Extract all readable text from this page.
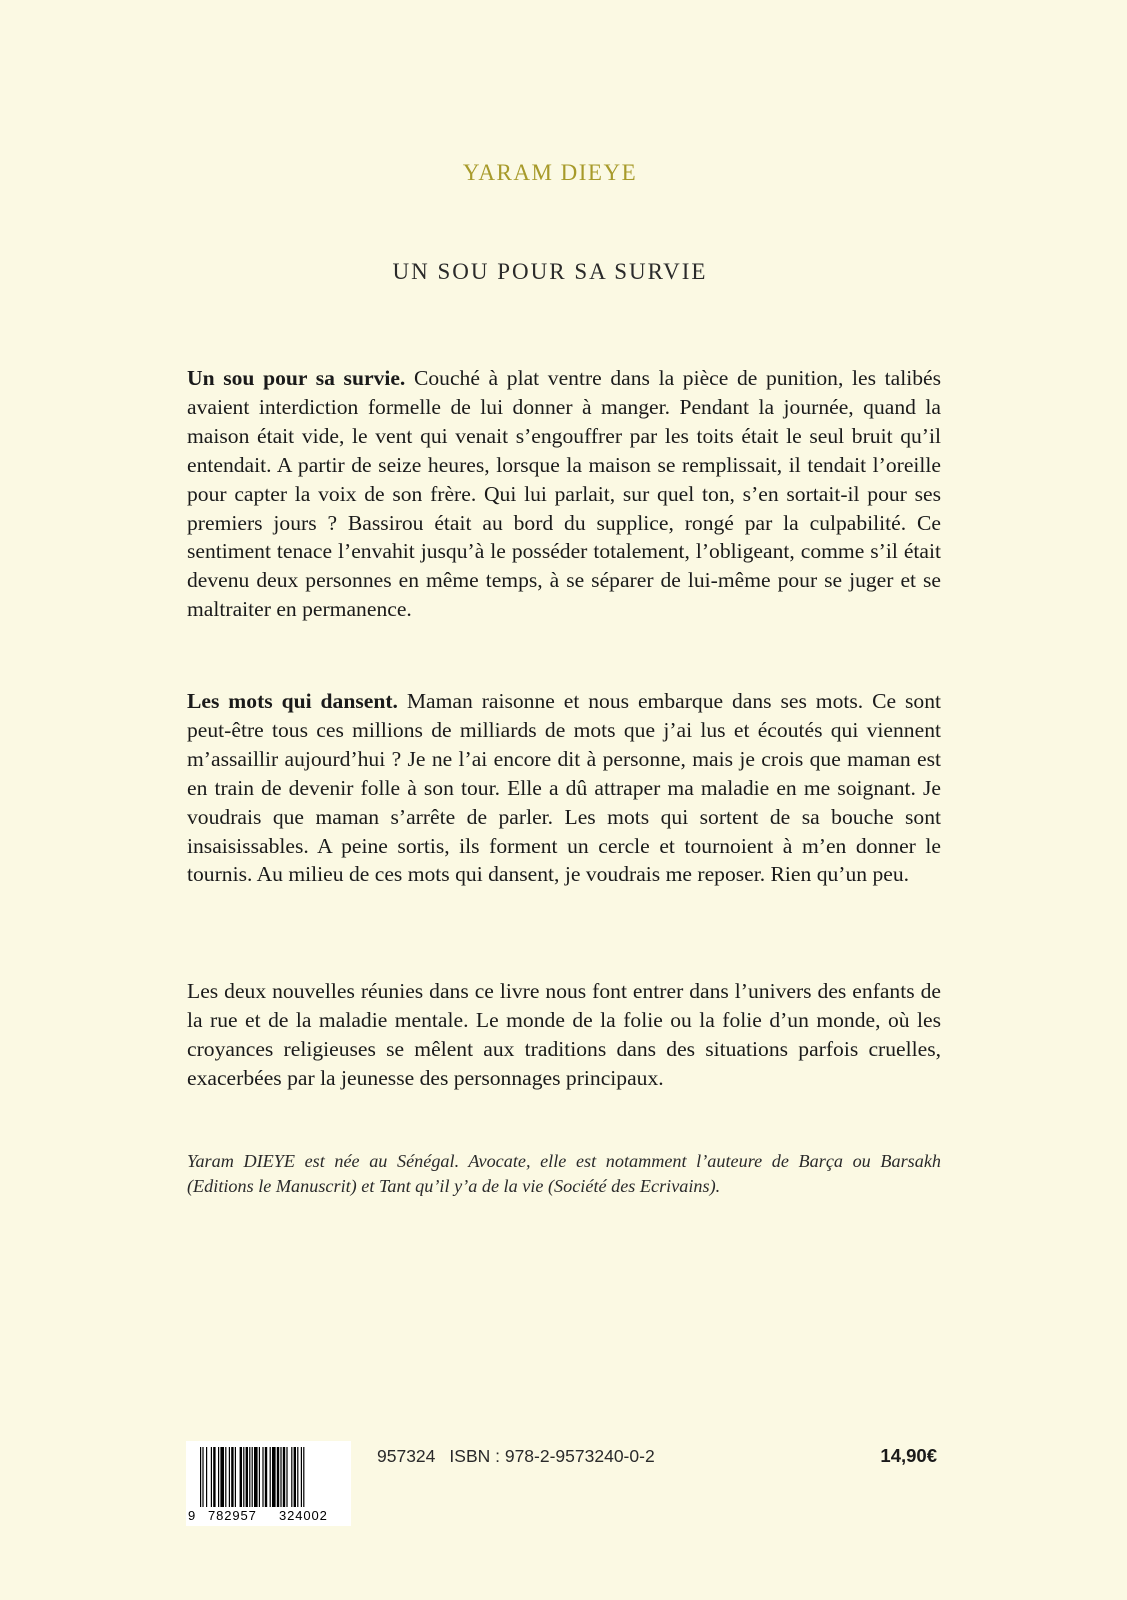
YARAM DIEYE
UN SOU POUR SA SURVIE
Un sou pour sa survie. Couché à plat ventre dans la pièce de punition, les talibés avaient interdiction formelle de lui donner à manger. Pendant la journée, quand la maison était vide, le vent qui venait s’engouffrer par les toits était le seul bruit qu’il entendait. A partir de seize heures, lorsque la maison se remplissait, il tendait l’oreille pour capter la voix de son frère. Qui lui parlait, sur quel ton, s’en sortait-il pour ses premiers jours ? Bassirou était au bord du supplice, rongé par la culpabilité. Ce sentiment tenace l’envahit jusqu’à le posséder totalement, l’obligeant, comme s’il était devenu deux personnes en même temps, à se séparer de lui-même pour se juger et se maltraiter en permanence.
Les mots qui dansent. Maman raisonne et nous embarque dans ses mots. Ce sont peut-être tous ces millions de milliards de mots que j’ai lus et écoutés qui viennent m’assaillir aujourd’hui ? Je ne l’ai encore dit à personne, mais je crois que maman est en train de devenir folle à son tour. Elle a dû attraper ma maladie en me soignant. Je voudrais que maman s’arrête de parler. Les mots qui sortent de sa bouche sont insaisissables. A peine sortis, ils forment un cercle et tournoient à m’en donner le tournis. Au milieu de ces mots qui dansent, je voudrais me reposer. Rien qu’un peu.
Les deux nouvelles réunies dans ce livre nous font entrer dans l’univers des enfants de la rue et de la maladie mentale. Le monde de la folie ou la folie d’un monde, où les croyances religieuses se mêlent aux traditions dans des situations parfois cruelles, exacerbées par la jeunesse des personnages principaux.
Yaram DIEYE est née au Sénégal. Avocate, elle est notamment l’auteure de Barça ou Barsakh (Editions le Manuscrit) et Tant qu’il y’a de la vie (Société des Ecrivains).
9 782957 324002
957324 ISBN : 978-2-9573240-0-2	14,90€
